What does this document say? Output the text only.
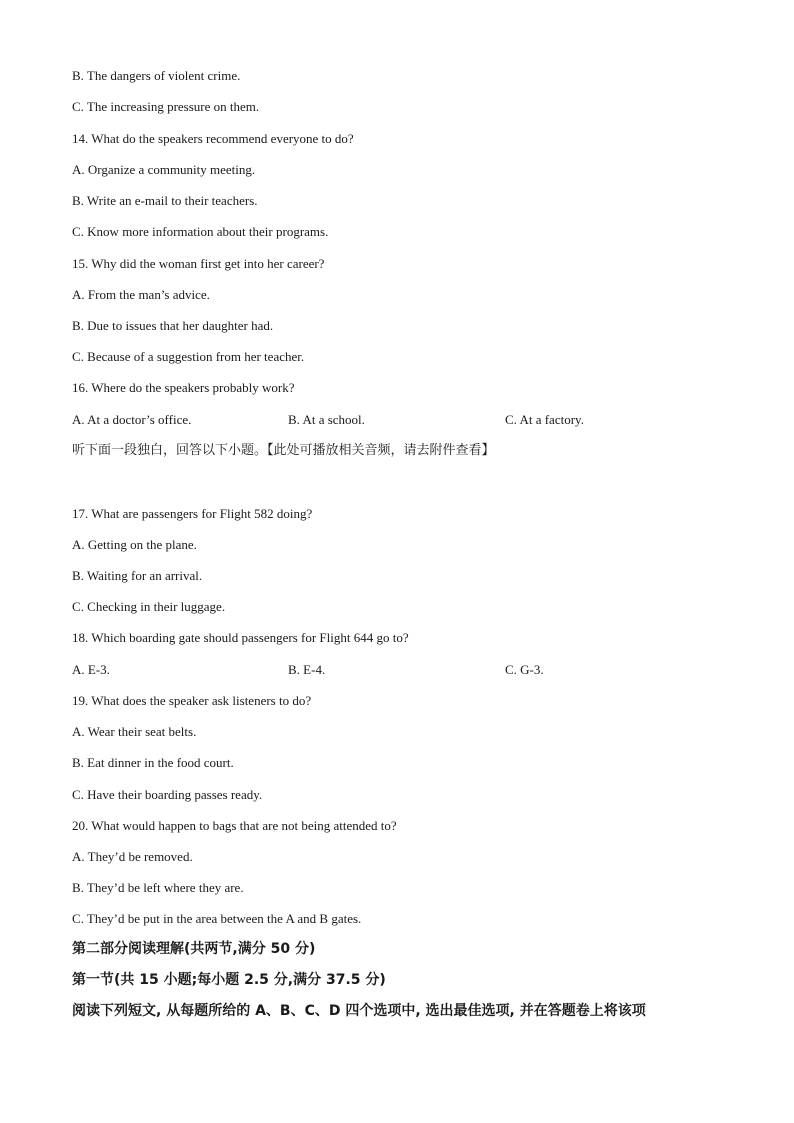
B. The dangers of violent crime.
C. The increasing pressure on them.
14. What do the speakers recommend everyone to do?
A. Organize a community meeting.
B. Write an e-mail to their teachers.
C. Know more information about their programs.
15. Why did the woman first get into her career?
A. From the man’s advice.
B. Due to issues that her daughter had.
C. Because of a suggestion from her teacher.
16. Where do the speakers probably work?
A. At a doctor’s office.	B. At a school.	C. At a factory.
听下面一段独白，回答以下小题。【此处可播放相关音频，请去附件查看】
17. What are passengers for Flight 582 doing?
A. Getting on the plane.
B. Waiting for an arrival.
C. Checking in their luggage.
18. Which boarding gate should passengers for Flight 644 go to?
A. E-3.	B. E-4.	C. G-3.
19. What does the speaker ask listeners to do?
A. Wear their seat belts.
B. Eat dinner in the food court.
C. Have their boarding passes ready.
20. What would happen to bags that are not being attended to?
A. They’d be removed.
B. They’d be left where they are.
C. They’d be put in the area between the A and B gates.
第二部分阅读理解(共两节,满分 50 分)
第一节(共 15 小题;每小题 2.5 分,满分 37.5 分)
阅读下列短文, 从每题所给的 A、B、C、D 四个选项中, 选出最佳选项, 并在答题卷上将该项
